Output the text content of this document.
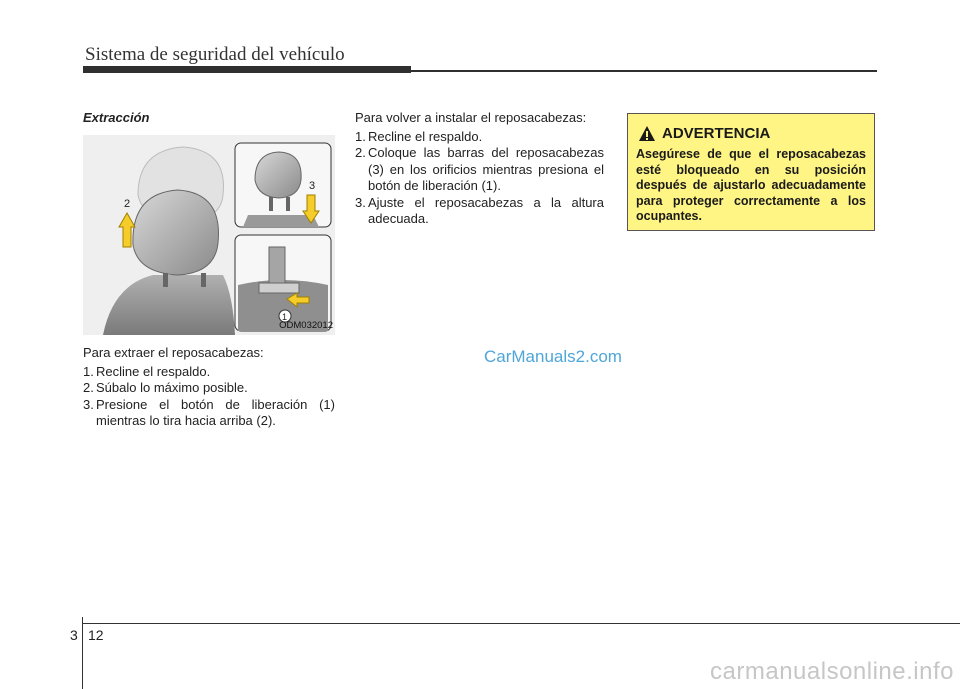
Sistema de seguridad del vehículo
Extracción
2
3
1
ODM032012
Para extraer el reposacabezas:
1. Recline el respaldo.
2. Súbalo lo máximo posible.
3. Presione el botón de liberación (1) mientras lo tira hacia arriba (2).
Para volver a instalar el reposacabezas:
1. Recline el respaldo.
2. Coloque las barras del reposacabezas (3) en los orificios mientras presiona el botón de liberación (1).
3. Ajuste el reposacabezas a la altura adecuada.
ADVERTENCIA
Asegúrese de que el reposacabezas esté bloqueado en su posición después de ajustarlo adecuadamente para proteger correctamente a los ocupantes.
CarManuals2.com
3 12
carmanualsonline.info
